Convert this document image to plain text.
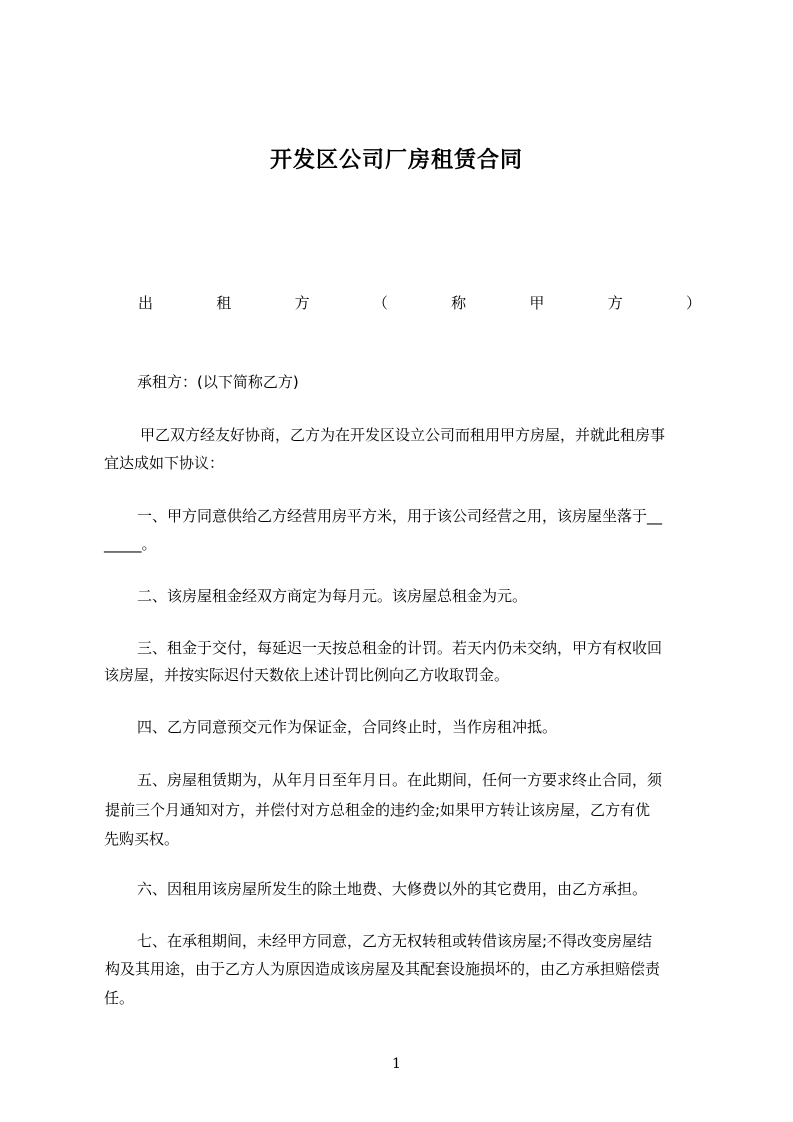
开发区公司厂房租赁合同
出	租	方	（	称	甲	方	）
承租方：(以下简称乙方)
甲乙双方经友好协商，乙方为在开发区设立公司而租用甲方房屋，并就此租房事
宜达成如下协议：
一、甲方同意供给乙方经营用房平方米，用于该公司经营之用，该房屋坐落于__
_____。
二、该房屋租金经双方商定为每月元。该房屋总租金为元。
三、租金于交付，每延迟一天按总租金的计罚。若天内仍未交纳，甲方有权收回
该房屋，并按实际迟付天数依上述计罚比例向乙方收取罚金。
四、乙方同意预交元作为保证金，合同终止时，当作房租冲抵。
五、房屋租赁期为，从年月日至年月日。在此期间，任何一方要求终止合同，须
提前三个月通知对方，并偿付对方总租金的违约金;如果甲方转让该房屋，乙方有优
先购买权。
六、因租用该房屋所发生的除土地费、大修费以外的其它费用，由乙方承担。
七、在承租期间，未经甲方同意，乙方无权转租或转借该房屋;不得改变房屋结
构及其用途，由于乙方人为原因造成该房屋及其配套设施损坏的，由乙方承担赔偿责
任。
1
